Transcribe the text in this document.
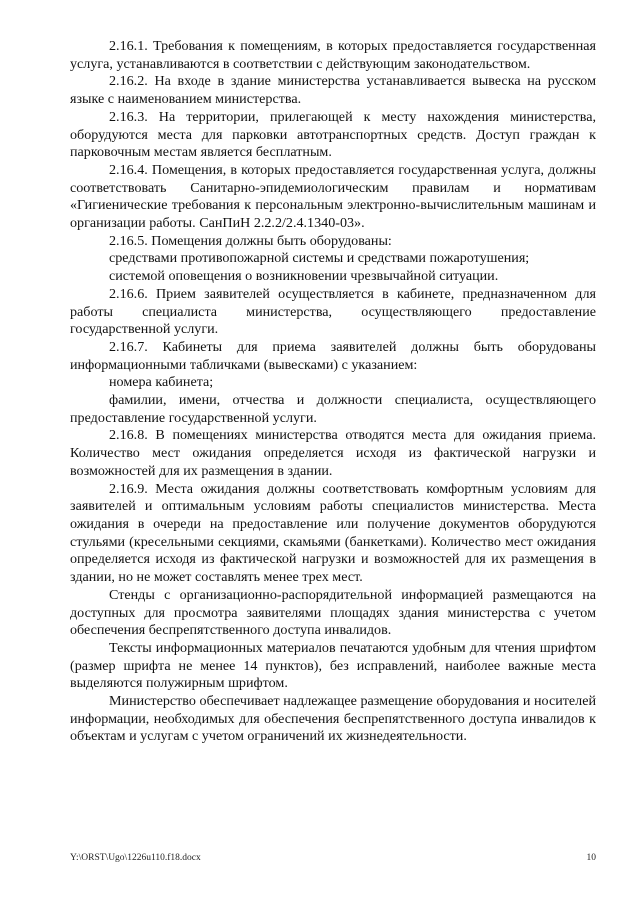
2.16.1. Требования к помещениям, в которых предоставляется государственная услуга, устанавливаются в соответствии с действующим законодательством.

2.16.2. На входе в здание министерства устанавливается вывеска на русском языке с наименованием министерства.

2.16.3. На территории, прилегающей к месту нахождения министерства, оборудуются места для парковки автотранспортных средств. Доступ граждан к парковочным местам является бесплатным.

2.16.4. Помещения, в которых предоставляется государственная услуга, должны соответствовать Санитарно-эпидемиологическим правилам и нормативам «Гигиенические требования к персональным электронно-вычислительным машинам и организации работы. СанПиН 2.2.2/2.4.1340-03».

2.16.5. Помещения должны быть оборудованы:

средствами противопожарной системы и средствами пожаротушения;

системой оповещения о возникновении чрезвычайной ситуации.

2.16.6. Прием заявителей осуществляется в кабинете, предназначенном для работы специалиста министерства, осуществляющего предоставление государственной услуги.

2.16.7. Кабинеты для приема заявителей должны быть оборудованы информационными табличками (вывесками) с указанием:

номера кабинета;

фамилии, имени, отчества и должности специалиста, осуществляющего предоставление государственной услуги.

2.16.8. В помещениях министерства отводятся места для ожидания приема. Количество мест ожидания определяется исходя из фактической нагрузки и возможностей для их размещения в здании.

2.16.9. Места ожидания должны соответствовать комфортным условиям для заявителей и оптимальным условиям работы специалистов министерства. Места ожидания в очереди на предоставление или получение документов оборудуются стульями (кресельными секциями, скамьями (банкетками). Количество мест ожидания определяется исходя из фактической нагрузки и возможностей для их размещения в здании, но не может составлять менее трех мест.

Стенды с организационно-распорядительной информацией размещаются на доступных для просмотра заявителями площадях здания министерства с учетом обеспечения беспрепятственного доступа инвалидов.

Тексты информационных материалов печатаются удобным для чтения шрифтом (размер шрифта не менее 14 пунктов), без исправлений, наиболее важные места выделяются полужирным шрифтом.

Министерство обеспечивает надлежащее размещение оборудования и носителей информации, необходимых для обеспечения беспрепятственного доступа инвалидов к объектам и услугам с учетом ограничений их жизнедеятельности.

Y:\ORST\Ugo\1226u110.f18.docx	10
